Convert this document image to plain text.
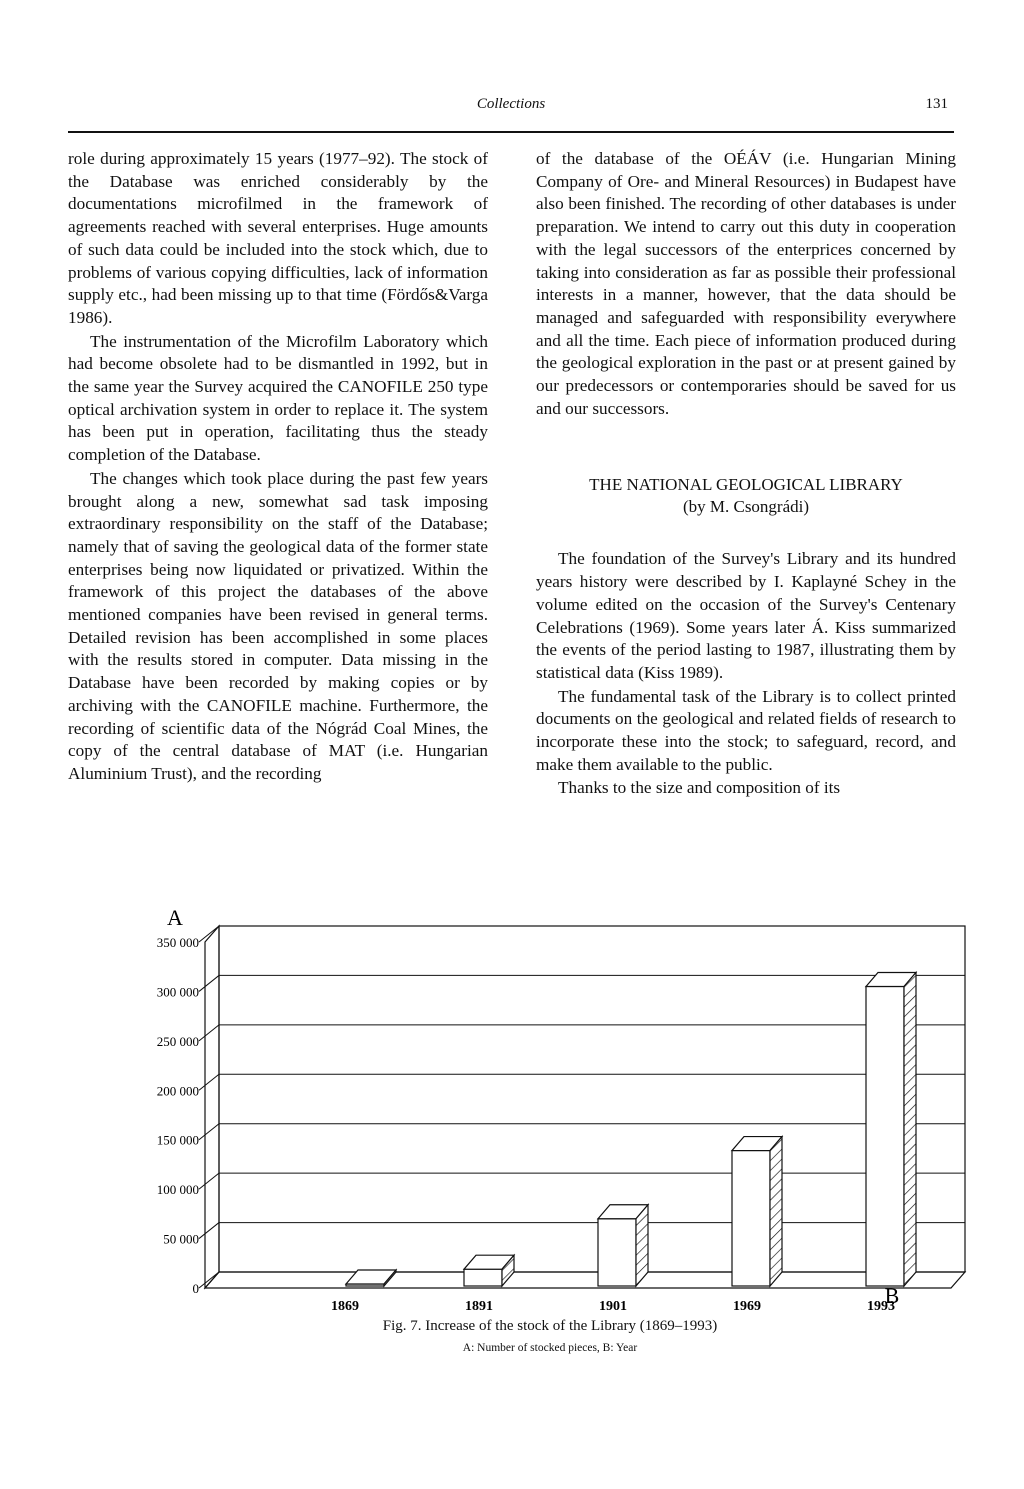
Collections	131

role during approximately 15 years (1977–92). The stock of the Database was enriched considerably by the documentations microfilmed in the framework of agreements reached with several enterprises. Huge amounts of such data could be included into the stock which, due to problems of various copying difficulties, lack of information supply etc., had been missing up to that time (Fördős&Varga 1986).

The instrumentation of the Microfilm Laboratory which had become obsolete had to be dismantled in 1992, but in the same year the Survey acquired the CANOFILE 250 type optical archivation system in order to replace it. The system has been put in operation, facilitating thus the steady completion of the Database.

The changes which took place during the past few years brought along a new, somewhat sad task imposing extraordinary responsibility on the staff of the Database; namely that of saving the geological data of the former state enterprises being now liquidated or privatized. Within the framework of this project the databases of the above mentioned companies have been revised in general terms. Detailed revision has been accomplished in some places with the results stored in computer. Data missing in the Database have been recorded by making copies or by archiving with the CANOFILE machine. Furthermore, the recording of scientific data of the Nógrád Coal Mines, the copy of the central database of MAT (i.e. Hungarian Aluminium Trust), and the recording

of the database of the OÉÁV (i.e. Hungarian Mining Company of Ore- and Mineral Resources) in Budapest have also been finished. The recording of other databases is under preparation. We intend to carry out this duty in cooperation with the legal successors of the enterprices concerned by taking into consideration as far as possible their professional interests in a manner, however, that the data should be managed and safeguarded with responsibility everywhere and all the time. Each piece of information produced during the geological exploration in the past or at present gained by our predecessors or contemporaries should be saved for us and our successors.

THE NATIONAL GEOLOGICAL LIBRARY
(by M. Csongrádi)

The foundation of the Survey's Library and its hundred years history were described by I. Kaplayné Schey in the volume edited on the occasion of the Survey's Centenary Celebrations (1969). Some years later Á. Kiss summarized the events of the period lasting to 1987, illustrating them by statistical data (Kiss 1989).

The fundamental task of the Library is to collect printed documents on the geological and related fields of research to incorporate these into the stock; to safeguard, record, and make them available to the public.

Thanks to the size and composition of its

0
50 000
100 000
150 000
200 000
250 000
300 000
350 000
1869	1891	1901	1969	1993
A
B
Fig. 7. Increase of the stock of the Library (1869–1993)
A: Number of stocked pieces, B: Year
